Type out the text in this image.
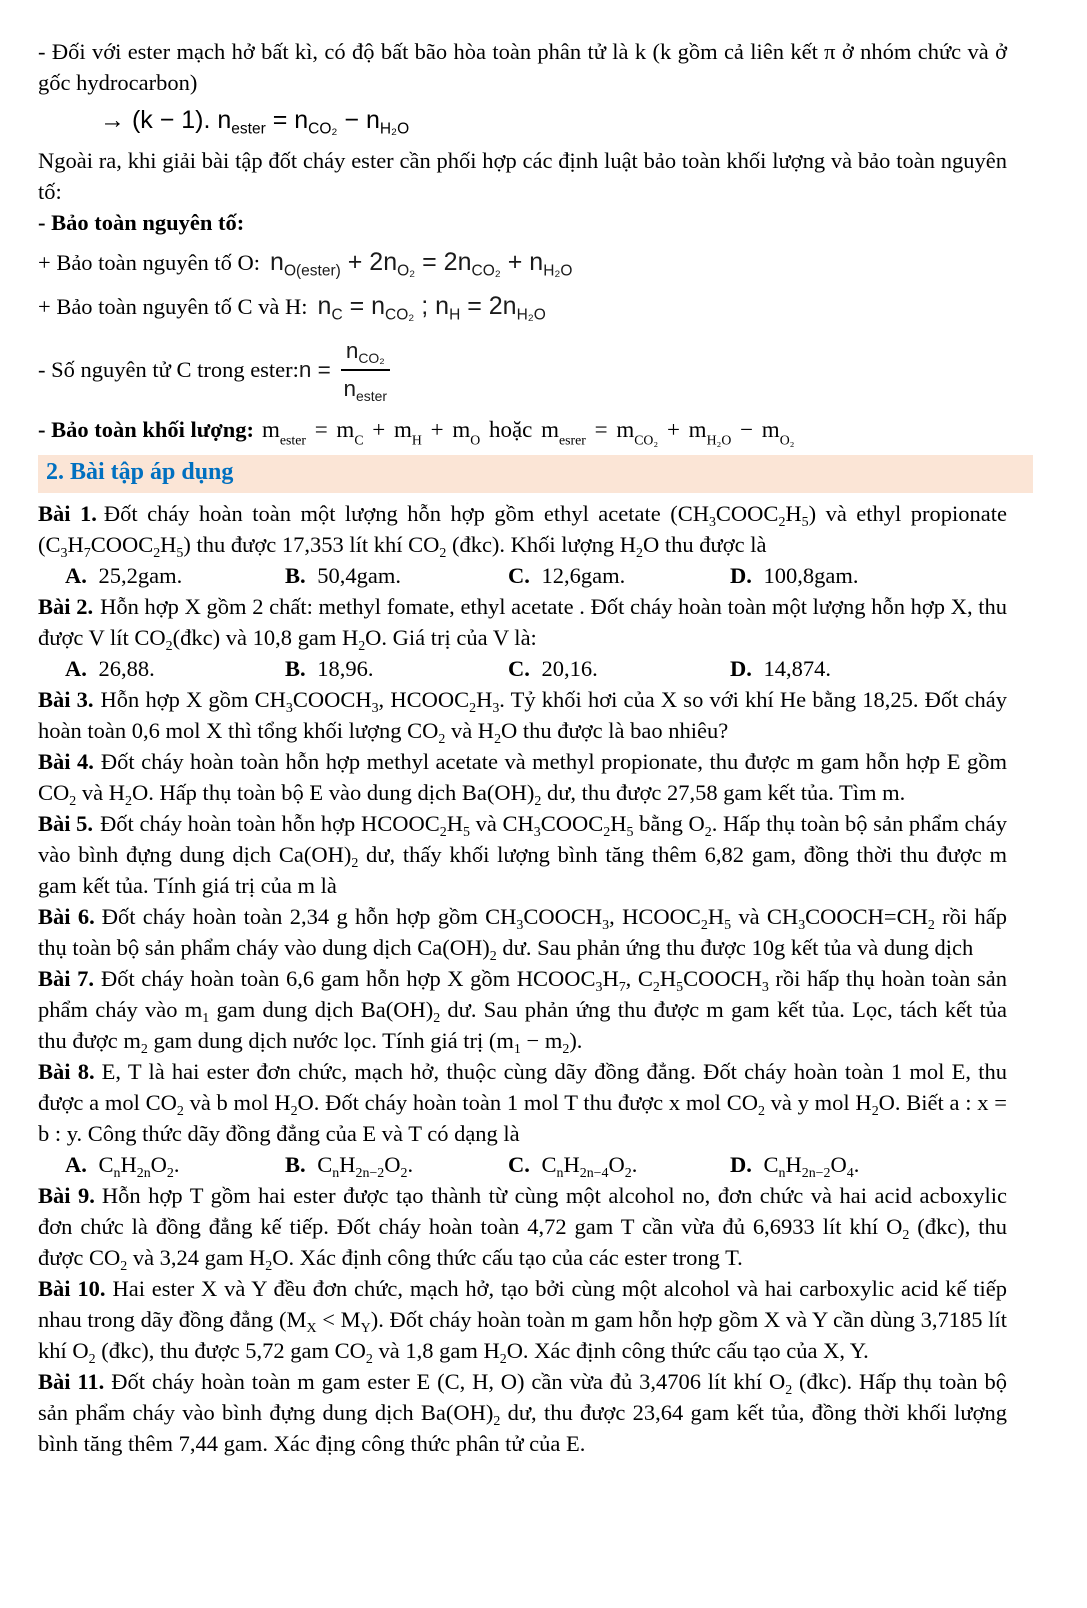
- Đối với ester mạch hở bất kì, có độ bất bão hòa toàn phân tử là k (k gồm cả liên kết π ở nhóm chức và ở gốc hydrocarbon)

→ (k − 1). $n_{ester} = n_{CO_2} - n_{H_2O}$

Ngoài ra, khi giải bài tập đốt cháy ester cần phối hợp các định luật bảo toàn khối lượng và bảo toàn nguyên tố:

- Bảo toàn nguyên tố:

+ Bảo toàn nguyên tố O: $n_{O(ester)} + 2n_{O_2} = 2n_{CO_2} + n_{H_2O}$
+ Bảo toàn nguyên tố C và H: $n_C = n_{CO_2}$ ; $n_H = 2n_{H_2O}$
- Số nguyên tử C trong ester: $n = \frac{n_{CO_2}}{n_{ester}}$
- Bảo toàn khối lượng: $m_{ester} = m_C + m_H + m_O$ hoặc $m_{esrer} = m_{CO_2} + m_{H_2O} - m_{O_2}$
2. Bài tập áp dụng

Bài 1. Đốt cháy hoàn toàn một lượng hỗn hợp gồm ethyl acetate $(CH_3COOC_2H_5)$ và ethyl propionate $(C_3H_7COOC_2H_5)$ thu được 17,353 lít khí $CO_2$ (đkc). Khối lượng $H_2O$ thu được là

A. 25,2gam.	B. 50,4gam.	C. 12,6gam.	D. 100,8gam.

Bài 2. Hỗn hợp X gồm 2 chất: methyl fomate, ethyl acetate . Đốt cháy hoàn toàn một lượng hỗn hợp X, thu được V lít $CO_2(đkc)$ và 10,8 gam $H_2O$. Giá trị của V là:

A. 26,88.	B. 18,96.	C. 20,16.	D. 14,874.

Bài 3. Hỗn hợp X gồm $CH_3COOCH_3$, $HCOOC_2H_3$. Tỷ khối hơi của X so với khí He bằng 18,25. Đốt cháy hoàn toàn 0,6 mol X thì tổng khối lượng $CO_2$ và $H_2O$ thu được là bao nhiêu?

Bài 4. Đốt cháy hoàn toàn hỗn hợp methyl acetate và methyl propionate, thu được m gam hỗn hợp E gồm $CO_2$ và $H_2O$. Hấp thụ toàn bộ E vào dung dịch $Ba(OH)_2$ dư, thu được 27,58 gam kết tủa. Tìm m.

Bài 5. Đốt cháy hoàn toàn hỗn hợp $HCOOC_2H_5$ và $CH_3COOC_2H_5$ bằng $O_2$. Hấp thụ toàn bộ sản phẩm cháy vào bình đựng dung dịch $Ca(OH)_2$ dư, thấy khối lượng bình tăng thêm 6,82 gam, đồng thời thu được m gam kết tủa. Tính giá trị của m là

Bài 6. Đốt cháy hoàn toàn 2,34 g hỗn hợp gồm $CH_3COOCH_3$, $HCOOC_2H_5$ và $CH_3COOCH=CH_2$ rồi hấp thụ toàn bộ sản phẩm cháy vào dung dịch $Ca(OH)_2$ dư. Sau phản ứng thu được 10g kết tủa và dung dịch

Bài 7. Đốt cháy hoàn toàn 6,6 gam hỗn hợp X gồm $HCOOC_3H_7$, $C_2H_5COOCH_3$ rồi hấp thụ hoàn toàn sản phẩm cháy vào $m_1$ gam dung dịch $Ba(OH)_2$ dư. Sau phản ứng thu được m gam kết tủa. Lọc, tách kết tủa thu được $m_2$ gam dung dịch nước lọc. Tính giá trị $(m_1 - m_2)$.

Bài 8. E, T là hai ester đơn chức, mạch hở, thuộc cùng dãy đồng đẳng. Đốt cháy hoàn toàn 1 mol E, thu được a mol $CO_2$ và b mol $H_2O$. Đốt cháy hoàn toàn 1 mol T thu được x mol $CO_2$ và y mol $H_2O$. Biết a : x = b : y. Công thức dãy đồng đẳng của E và T có dạng là

A. $C_nH_{2n}O_2$.	B. $C_nH_{2n-2}O_2$.	C. $C_nH_{2n-4}O_2$.	D. $C_nH_{2n-2}O_4$.

Bài 9. Hỗn hợp T gồm hai ester được tạo thành từ cùng một alcohol no, đơn chức và hai acid acboxylic đơn chức là đồng đẳng kế tiếp. Đốt cháy hoàn toàn 4,72 gam T cần vừa đủ 6,6933 lít khí $O_2$ (đkc), thu được $CO_2$ và 3,24 gam $H_2O$. Xác định công thức cấu tạo của các ester trong T.

Bài 10. Hai ester X và Y đều đơn chức, mạch hở, tạo bởi cùng một alcohol và hai carboxylic acid kế tiếp nhau trong dãy đồng đẳng $(M_X < M_Y)$. Đốt cháy hoàn toàn m gam hỗn hợp gồm X và Y cần dùng 3,7185 lít khí $O_2$ (đkc), thu được 5,72 gam $CO_2$ và 1,8 gam $H_2O$. Xác định công thức cấu tạo của X, Y.

Bài 11. Đốt cháy hoàn toàn m gam ester E (C, H, O) cần vừa đủ 3,4706 lít khí $O_2$ (đkc). Hấp thụ toàn bộ sản phẩm cháy vào bình đựng dung dịch $Ba(OH)_2$ dư, thu được 23,64 gam kết tủa, đồng thời khối lượng bình tăng thêm 7,44 gam. Xác địng công thức phân tử của E.
